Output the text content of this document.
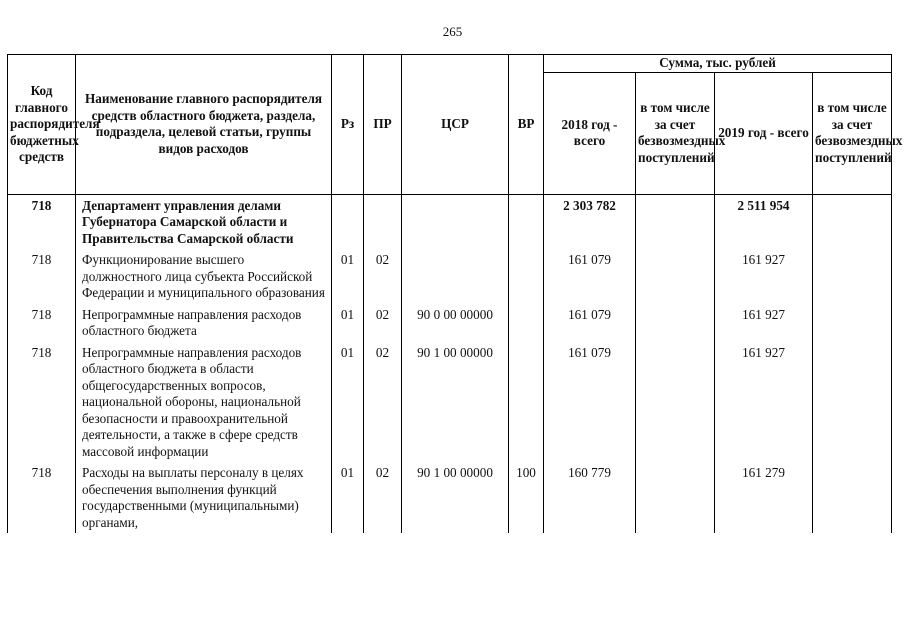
265
Код главного распорядителя бюджетных средств	Наименование главного распорядителя средств областного бюджета, раздела, подраздела, целевой статьи, группы видов расходов	Рз	ПР	ЦСР	ВР	Сумма, тыс. рублей			
						2018 год - всего	в том числе за счет безвозмездных поступлений	2019 год - всего	в том числе за счет безвозмездных поступлений
718	Департамент управления делами Губернатора Самарской области и Правительства Самарской области					2 303 782		2 511 954	
718	Функционирование высшего должностного лица субъекта Российской Федерации и муниципального образования	01	02			161 079		161 927	
718	Непрограммные направления расходов областного бюджета	01	02	90 0 00 00000		161 079		161 927	
718	Непрограммные направления расходов областного бюджета в области общегосударственных вопросов, национальной обороны, национальной безопасности и правоохранительной деятельности, а также в сфере средств массовой информации	01	02	90 1 00 00000		161 079		161 927	
718	Расходы на выплаты персоналу в целях обеспечения выполнения функций государственными (муниципальными) органами,	01	02	90 1 00 00000	100	160 779		161 279	
